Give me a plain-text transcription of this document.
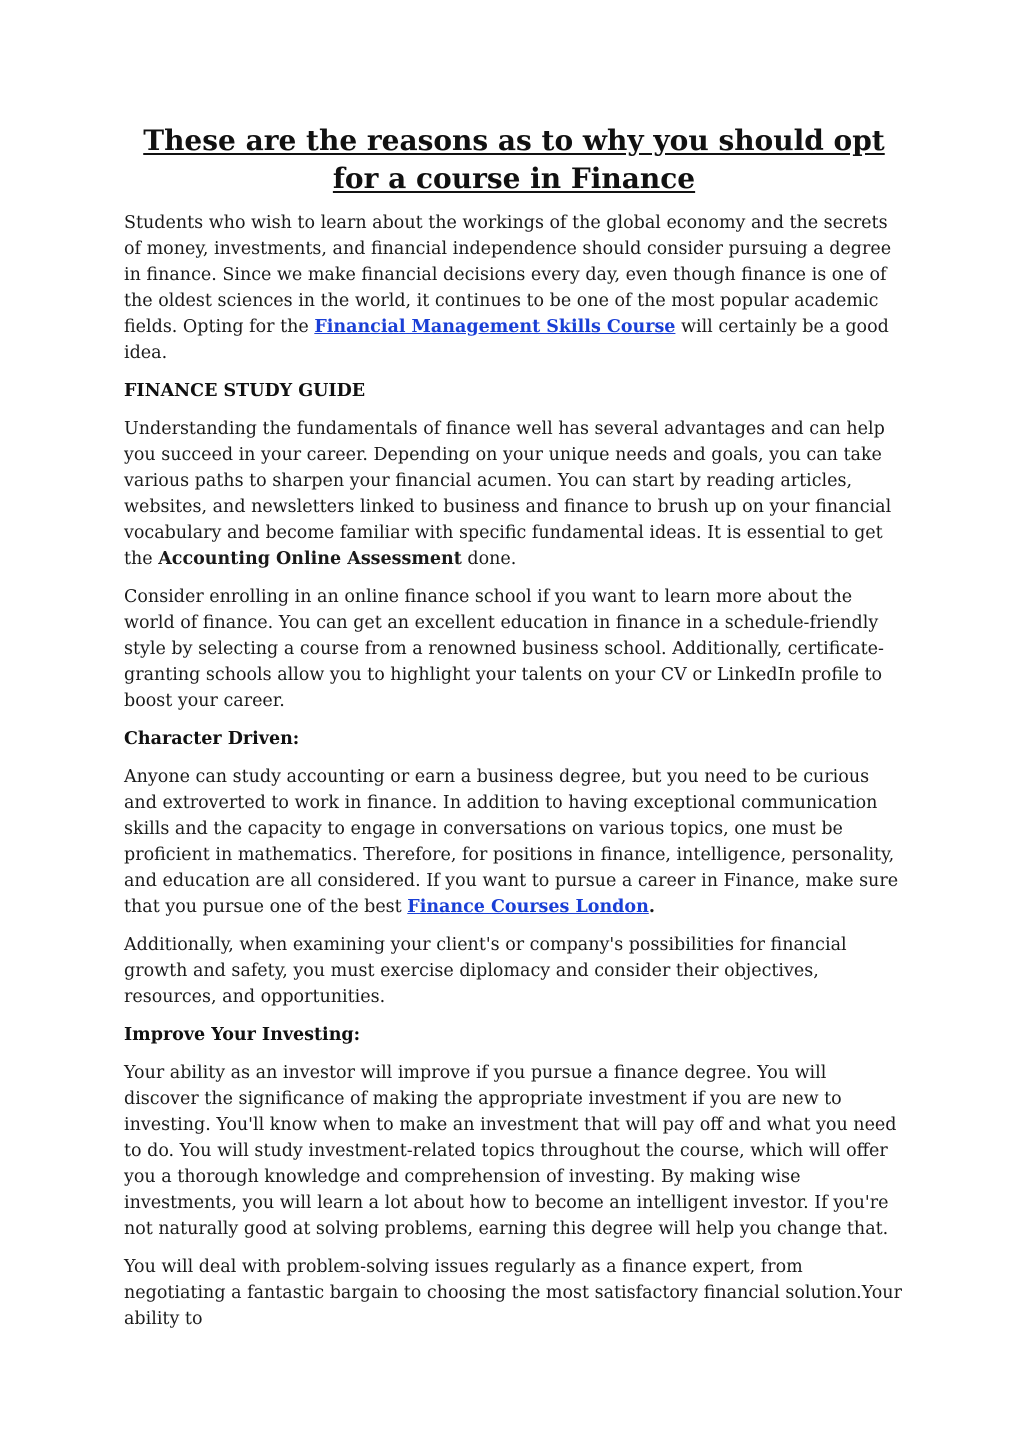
These are the reasons as to why you should opt for a course in Finance

Students who wish to learn about the workings of the global economy and the secrets of money, investments, and financial independence should consider pursuing a degree in finance. Since we make financial decisions every day, even though finance is one of the oldest sciences in the world, it continues to be one of the most popular academic fields. Opting for the Financial Management Skills Course will certainly be a good idea.

FINANCE STUDY GUIDE

Understanding the fundamentals of finance well has several advantages and can help you succeed in your career. Depending on your unique needs and goals, you can take various paths to sharpen your financial acumen. You can start by reading articles, websites, and newsletters linked to business and finance to brush up on your financial vocabulary and become familiar with specific fundamental ideas. It is essential to get the Accounting Online Assessment done.

Consider enrolling in an online finance school if you want to learn more about the world of finance. You can get an excellent education in finance in a schedule-friendly style by selecting a course from a renowned business school. Additionally, certificate-granting schools allow you to highlight your talents on your CV or LinkedIn profile to boost your career.

Character Driven:

Anyone can study accounting or earn a business degree, but you need to be curious and extroverted to work in finance. In addition to having exceptional communication skills and the capacity to engage in conversations on various topics, one must be proficient in mathematics. Therefore, for positions in finance, intelligence, personality, and education are all considered. If you want to pursue a career in Finance, make sure that you pursue one of the best Finance Courses London.

Additionally, when examining your client's or company's possibilities for financial growth and safety, you must exercise diplomacy and consider their objectives, resources, and opportunities.

Improve Your Investing:

Your ability as an investor will improve if you pursue a finance degree. You will discover the significance of making the appropriate investment if you are new to investing. You'll know when to make an investment that will pay off and what you need to do. You will study investment-related topics throughout the course, which will offer you a thorough knowledge and comprehension of investing. By making wise investments, you will learn a lot about how to become an intelligent investor. If you're not naturally good at solving problems, earning this degree will help you change that.

You will deal with problem-solving issues regularly as a finance expert, from negotiating a fantastic bargain to choosing the most satisfactory financial solution.Your ability to
